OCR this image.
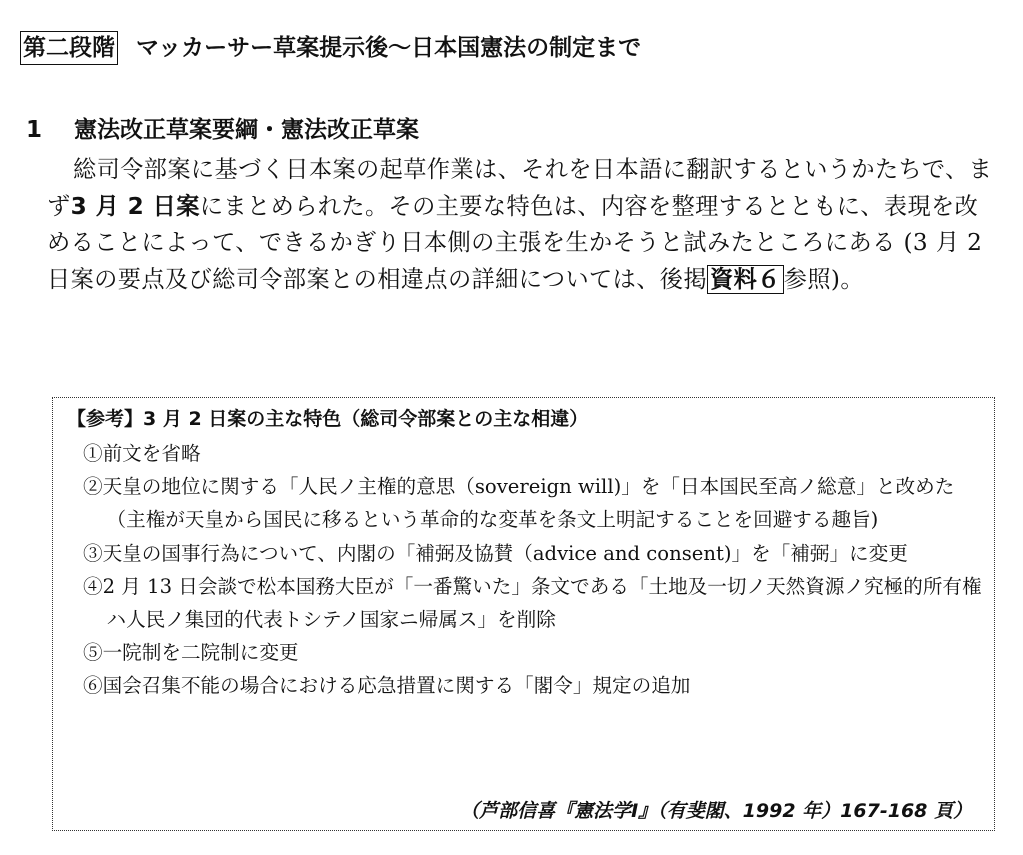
第二段階 マッカーサー草案提示後～日本国憲法の制定まで
1 憲法改正草案要綱・憲法改正草案
総司令部案に基づく日本案の起草作業は、それを日本語に翻訳するというかたちで、まず3 月 2 日案にまとめられた。その主要な特色は、内容を整理するとともに、表現を改めることによって、できるかぎり日本側の主張を生かそうと試みたところにある (3 月 2 日案の要点及び総司令部案との相違点の詳細については、後掲 資料６ 参照)。
【参考】3 月 2 日案の主な特色（総司令部案との主な相違）
①前文を省略
②天皇の地位に関する「人民ノ主権的意思（sovereign will)」を「日本国民至高ノ総意」と改めた（主権が天皇から国民に移るという革命的な変革を条文上明記することを回避する趣旨)
③天皇の国事行為について、内閣の「補弼及協賛（advice and consent)」を「補弼」に変更
④2 月 13 日会談で松本国務大臣が「一番驚いた」条文である「土地及一切ノ天然資源ノ究極的所有権ハ人民ノ集団的代表トシテノ国家ニ帰属ス」を削除
⑤一院制を二院制に変更
⑥国会召集不能の場合における応急措置に関する「閣令」規定の追加
（芦部信喜『憲法学Ⅰ』（有斐閣、1992 年）167-168 頁）
